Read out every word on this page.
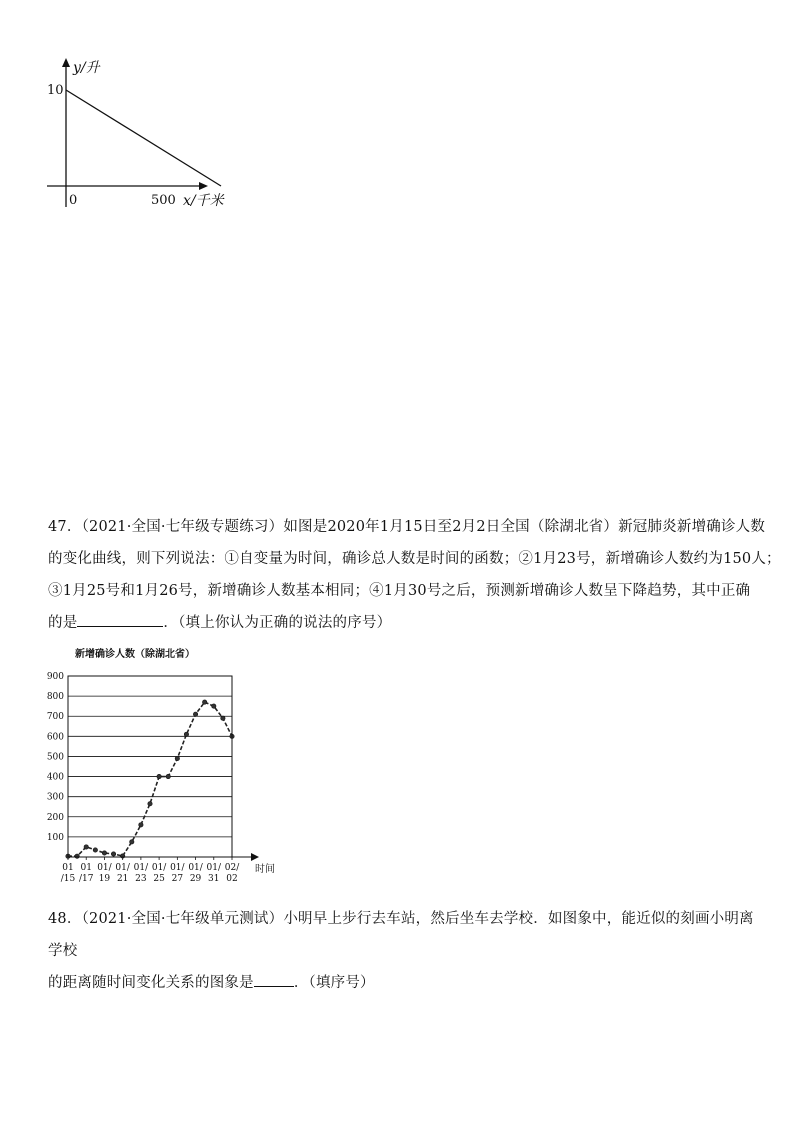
10
0	500
y/升
x/千米
47．（2021·全国·七年级专题练习）如图是2020年1月15日至2月2日全国（除湖北省）新冠肺炎新增确诊人数
的变化曲线，则下列说法：①自变量为时间，确诊总人数是时间的函数；②1月23号，新增确诊人数约为150人；
③1月25号和1月26号，新增确诊人数基本相同；④1月30号之后，预测新增确诊人数呈下降趋势，其中正确
的是	．（填上你认为正确的说法的序号）
新增确诊人数（除湖北省）
100
200
300
400
500
600
700
800
900
01
/15
01
/17
01/
19
01/
21
01/
23
01/
25
01/
27
01/
29
01/
31
02/
02
时间
48．（2021·全国·七年级单元测试）小明早上步行去车站，然后坐车去学校．如图象中，能近似的刻画小明离学校
的距离随时间变化关系的图象是	．（填序号）
